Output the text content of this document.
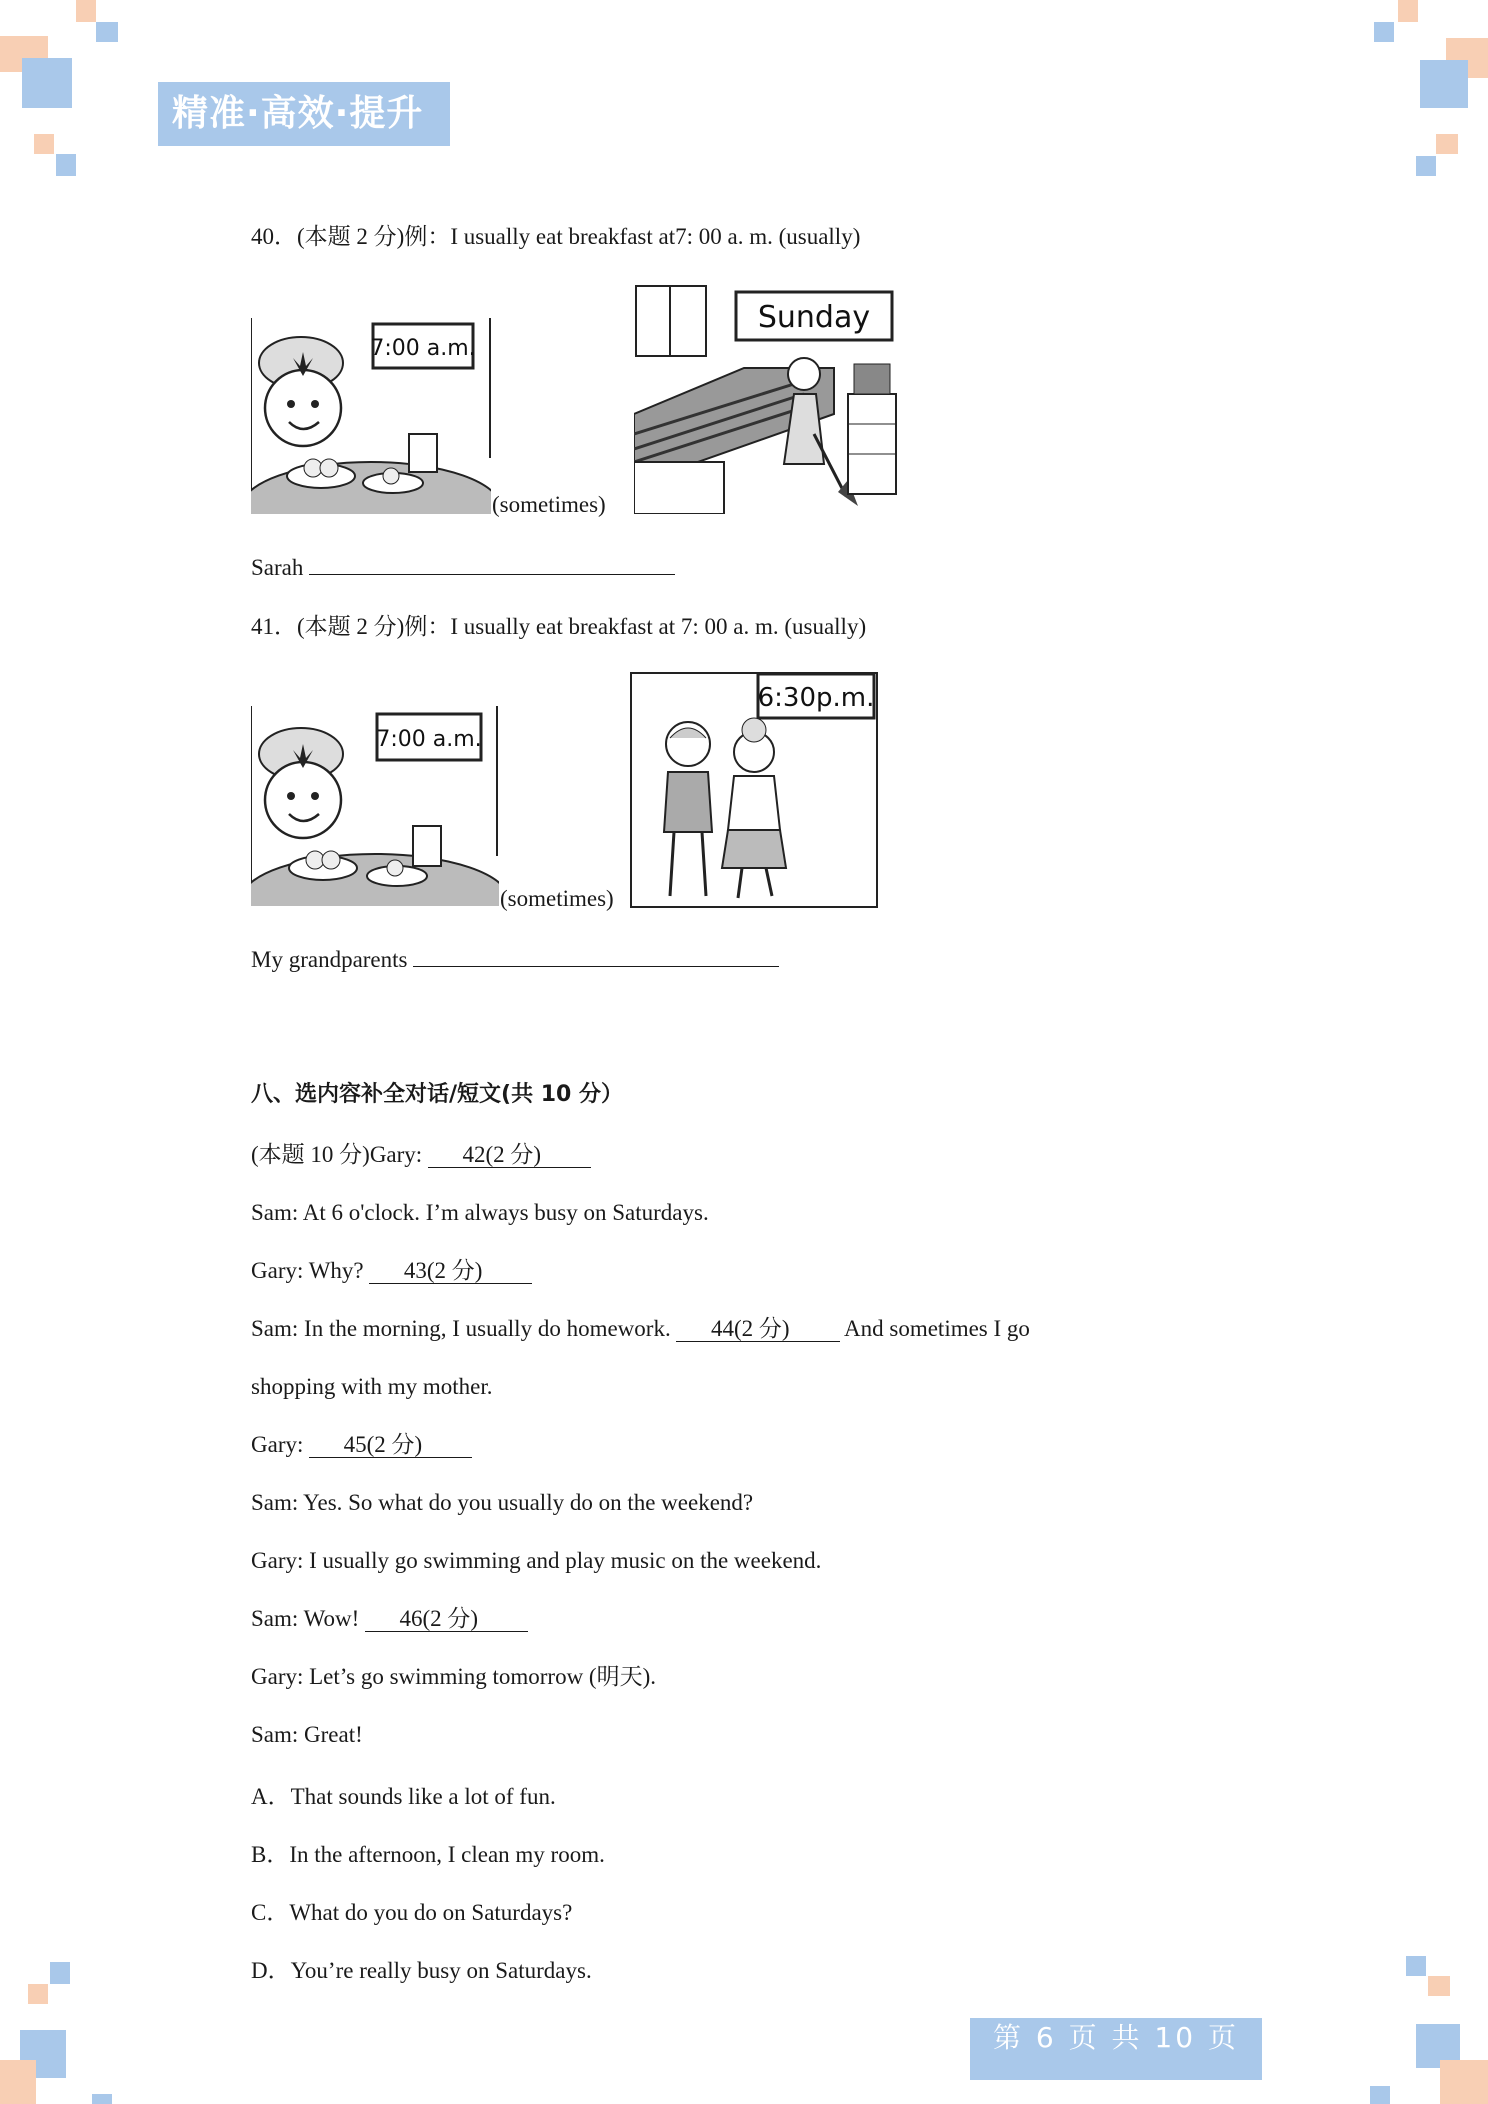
精准·高效·提升
40．(本题 2 分)例：I usually eat breakfast at7: 00 a. m. (usually)
7:00 a.m.
(sometimes)
Sunday
Sarah
41．(本题 2 分)例：I usually eat breakfast at 7: 00 a. m. (usually)
7:00 a.m.
(sometimes)
6:30p.m.
My grandparents
八、选内容补全对话/短文(共 10 分）
(本题 10 分)Gary: 42(2 分)
Sam: At 6 o'clock. I’m always busy on Saturdays.
Gary: Why? 43(2 分)
Sam: In the morning, I usually do homework. 44(2 分) And sometimes I go
shopping with my mother.
Gary: 45(2 分)
Sam: Yes. So what do you usually do on the weekend?
Gary: I usually go swimming and play music on the weekend.
Sam: Wow! 46(2 分)
Gary: Let’s go swimming tomorrow (明天).
Sam: Great!
A．That sounds like a lot of fun.
B．In the afternoon, I clean my room.
C．What do you do on Saturdays?
D．You’re really busy on Saturdays.
第 6 页 共 10 页
